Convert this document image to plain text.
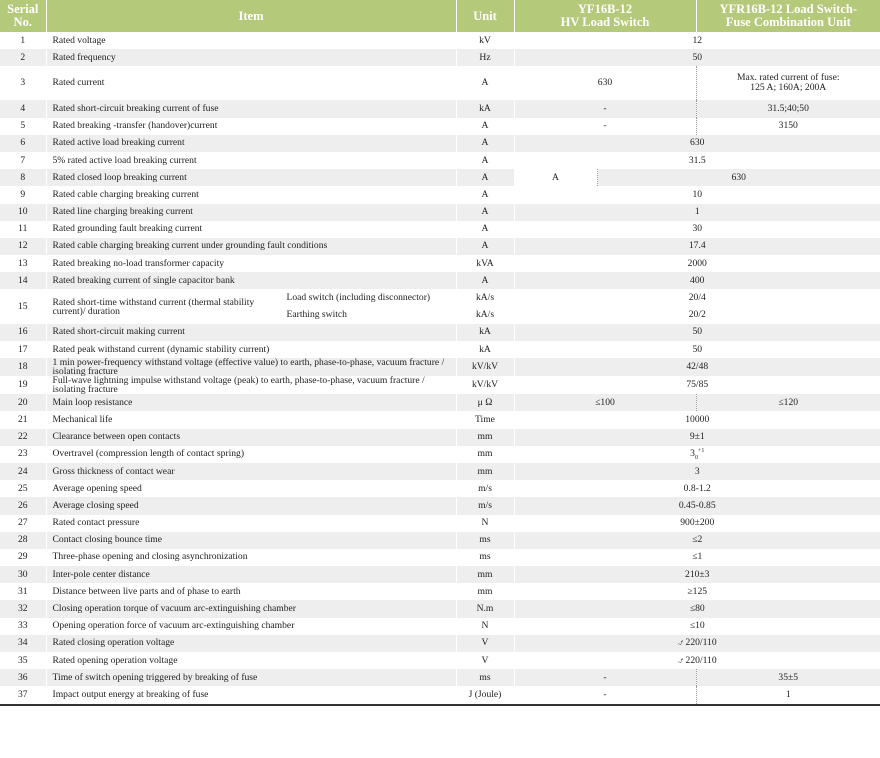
Serial
No.	Item		Unit	YF16B-12
HV Load Switch		YFR16B-12 Load Switch-
Fuse Combination Unit
1	Rated voltage		kV	12		
2	Rated frequency		Hz	50		
3	Rated current		A	630		Max. rated current of fuse:
125 A; 160A; 200A
4	Rated short-circuit breaking current of fuse		kA	-		31.5;40;50
5	Rated breaking -transfer (handover)current		A	-		3150
6	Rated active load breaking current		A	630		
7	5% rated active load breaking current		A	31.5		
8	Rated closed loop breaking current		A	A	630	
9	Rated cable charging breaking current		A	10		
10	Rated line charging breaking current		A	1		
11	Rated grounding fault breaking current		A	30		
12	Rated cable charging breaking current under grounding fault conditions		A	17.4		
13	Rated breaking no-load transformer capacity		kVA	2000		
14	Rated breaking current of single capacitor bank		A	400		
15	Rated short-time withstand current (thermal stability current)/ duration	Load switch (including disconnector)	kA/s	20/4		
		Earthing switch	kA/s	20/2		
16	Rated short-circuit making current		kA	50		
17	Rated peak withstand current (dynamic stability current)		kA	50		
18	1 min power-frequency withstand voltage (effective value) to earth, phase-to-phase, vacuum fracture / isolating fracture		kV/kV	42/48		
19	Full-wave lightning impulse withstand voltage (peak) to earth, phase-to-phase, vacuum fracture / isolating fracture		kV/kV	75/85		
20	Main loop resistance		μ Ω	≤100		≤120
21	Mechanical life		Time	10000		
22	Clearance between open contacts		mm	9±1		
23	Overtravel (compression length of contact spring)		mm	$3_0^{+1}$
24	Gross thickness of contact wear		mm	3		
25	Average opening speed		m/s	0.8-1.2		
26	Average closing speed		m/s	0.45-0.85		
27	Rated contact pressure		N	900±200		
28	Contact closing bounce time		ms	≤2		
29	Three-phase opening and closing asynchronization		ms	≤1		
30	Inter-pole center distance		mm	210±3		
31	Distance between live parts and of phase to earth		mm	≥125		
32	Closing operation torque of vacuum arc-extinguishing chamber		N.m	≤80		
33	Opening operation force of vacuum arc-extinguishing chamber		N	≤10		
34	Rated closing operation voltage		V	⍻ 220/110		
35	Rated opening operation voltage		V	⍻ 220/110		
36	Time of switch opening triggered by breaking of fuse		ms	-		35±5
37	Impact output energy at breaking of fuse		J (Joule)	-		1
